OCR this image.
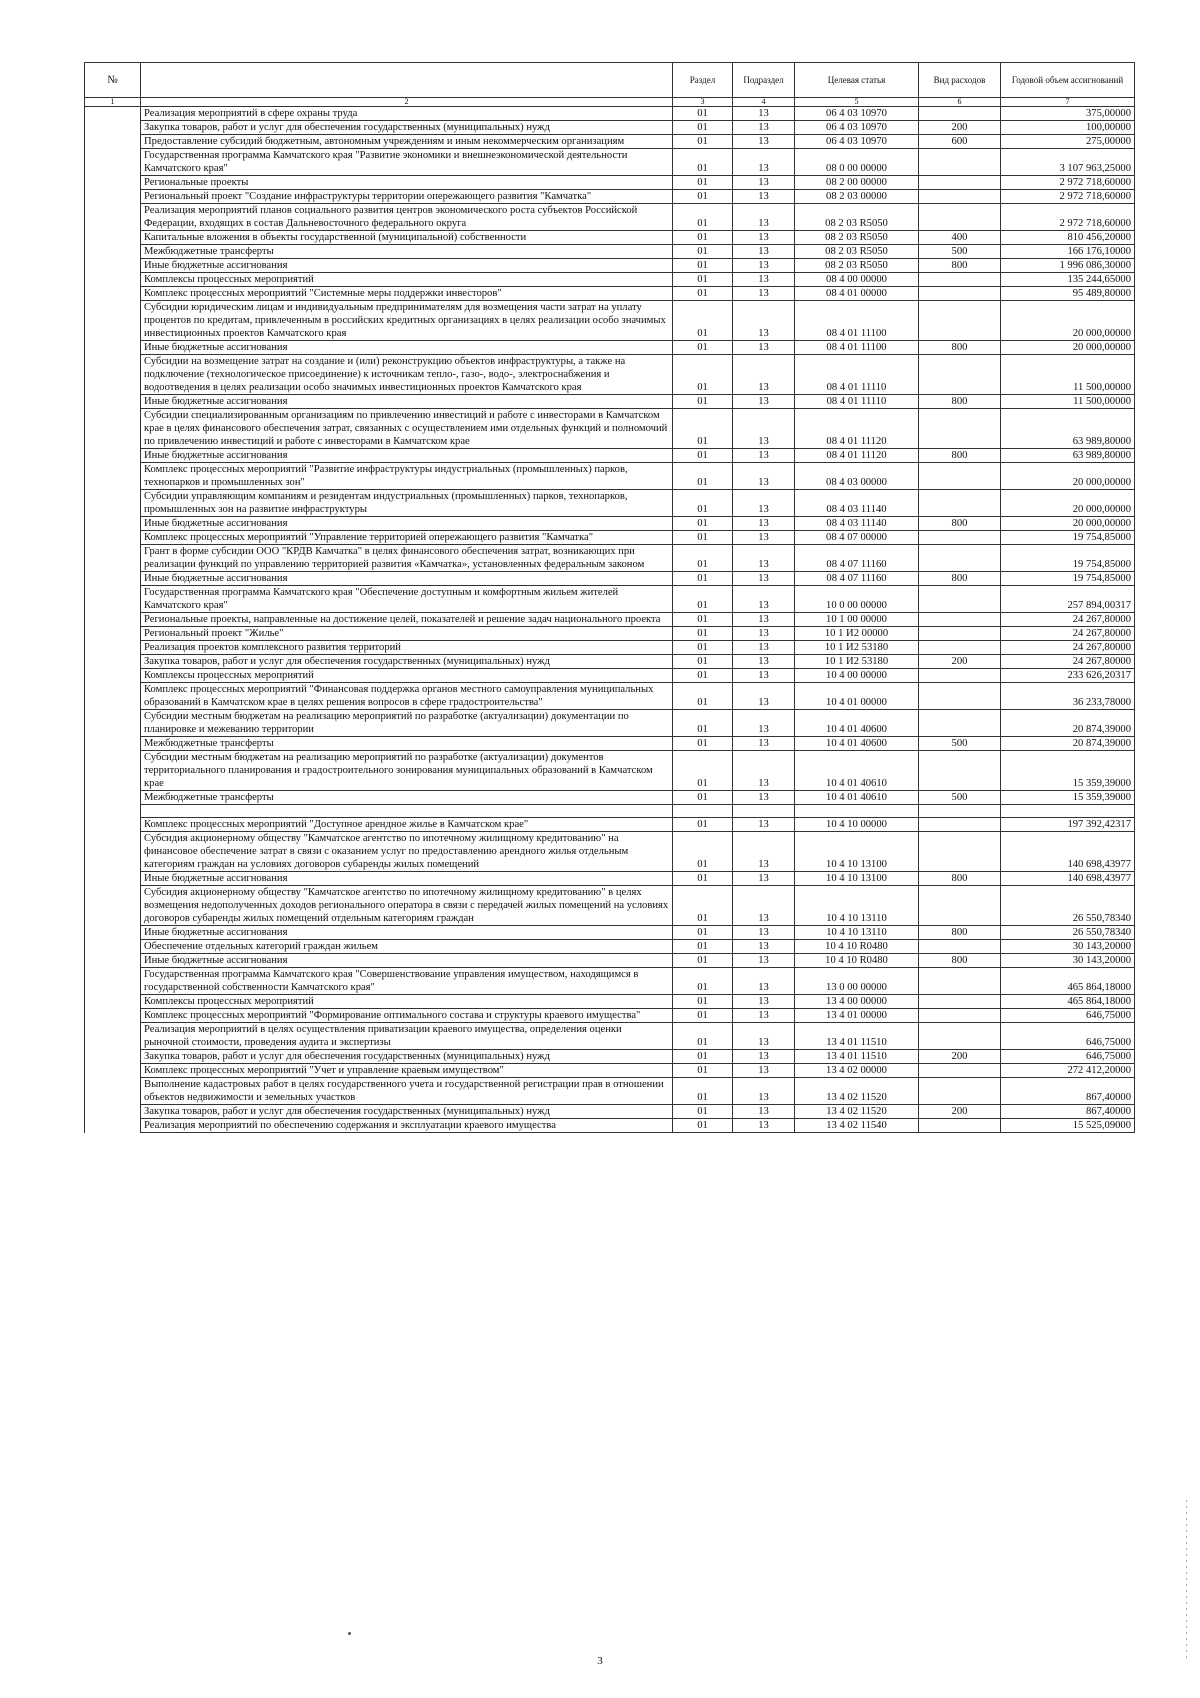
№		Раздел	Подраздел	Целевая статья	Вид расходов	Годовой объем ассигнований
1	2	3	4	5	6	7
	Реализация мероприятий в сфере охраны труда	01	13	06 4 03 10970		375,00000
	Закупка товаров, работ и услуг для обеспечения государственных (муниципальных) нужд	01	13	06 4 03 10970	200	100,00000
	Предоставление субсидий бюджетным, автономным учреждениям и иным некоммерческим организациям	01	13	06 4 03 10970	600	275,00000
	Государственная программа Камчатского края "Развитие экономики и внешнеэкономической деятельности Камчатского края"	01	13	08 0 00 00000		3 107 963,25000
	Региональные проекты	01	13	08 2 00 00000		2 972 718,60000
	Региональный проект "Создание инфраструктуры территории опережающего развития "Камчатка"	01	13	08 2 03 00000		2 972 718,60000
	Реализация мероприятий планов социального развития центров экономического роста субъектов Российской Федерации, входящих в состав Дальневосточного федерального округа	01	13	08 2 03 R5050		2 972 718,60000
	Капитальные вложения в объекты государственной (муниципальной) собственности	01	13	08 2 03 R5050	400	810 456,20000
	Межбюджетные трансферты	01	13	08 2 03 R5050	500	166 176,10000
	Иные бюджетные ассигнования	01	13	08 2 03 R5050	800	1 996 086,30000
	Комплексы процессных мероприятий	01	13	08 4 00 00000		135 244,65000
	Комплекс процессных мероприятий "Системные меры поддержки инвесторов"	01	13	08 4 01 00000		95 489,80000
	Субсидии юридическим лицам и индивидуальным предпринимателям для возмещения части затрат на уплату процентов по кредитам, привлеченным в российских кредитных организациях в целях реализации особо значимых инвестиционных проектов Камчатского края	01	13	08 4 01 11100		20 000,00000
	Иные бюджетные ассигнования	01	13	08 4 01 11100	800	20 000,00000
	Субсидии на возмещение затрат на создание и (или) реконструкцию объектов инфраструктуры, а также на подключение (технологическое присоединение) к источникам тепло-, газо-, водо-, электроснабжения и водоотведения в целях реализации особо значимых инвестиционных проектов Камчатского края	01	13	08 4 01 11110		11 500,00000
	Иные бюджетные ассигнования	01	13	08 4 01 11110	800	11 500,00000
	Субсидии специализированным организациям по привлечению инвестиций и работе с инвесторами в Камчатском крае в целях финансового обеспечения затрат, связанных с осуществлением ими отдельных функций и полномочий по привлечению инвестиций и работе с инвесторами в Камчатском крае	01	13	08 4 01 11120		63 989,80000
	Иные бюджетные ассигнования	01	13	08 4 01 11120	800	63 989,80000
	Комплекс процессных мероприятий "Развитие инфраструктуры индустриальных (промышленных) парков, технопарков и промышленных зон"	01	13	08 4 03 00000		20 000,00000
	Субсидии управляющим компаниям и резидентам индустриальных (промышленных) парков, технопарков, промышленных зон на развитие инфраструктуры	01	13	08 4 03 11140		20 000,00000
	Иные бюджетные ассигнования	01	13	08 4 03 11140	800	20 000,00000
	Комплекс процессных мероприятий "Управление территорией опережающего развития "Камчатка"	01	13	08 4 07 00000		19 754,85000
	Грант в форме субсидии ООО "КРДВ Камчатка" в целях финансового обеспечения затрат, возникающих при реализации функций по управлению территорией развития «Камчатка», установленных федеральным законом	01	13	08 4 07 11160		19 754,85000
	Иные бюджетные ассигнования	01	13	08 4 07 11160	800	19 754,85000
	Государственная программа Камчатского края "Обеспечение доступным и комфортным жильем жителей Камчатского края"	01	13	10 0 00 00000		257 894,00317
	Региональные проекты, направленные на достижение целей, показателей и решение задач национального проекта	01	13	10 1 00 00000		24 267,80000
	Региональный проект "Жилье"	01	13	10 1 И2 00000		24 267,80000
	Реализация проектов комплексного развития территорий	01	13	10 1 И2 53180		24 267,80000
	Закупка товаров, работ и услуг для обеспечения государственных (муниципальных) нужд	01	13	10 1 И2 53180	200	24 267,80000
	Комплексы процессных мероприятий	01	13	10 4 00 00000		233 626,20317
	Комплекс процессных мероприятий "Финансовая поддержка органов местного самоуправления муниципальных образований в Камчатском крае в целях решения вопросов в сфере градостроительства"	01	13	10 4 01 00000		36 233,78000
	Субсидии местным бюджетам на реализацию мероприятий по разработке (актуализации) документации по планировке и межеванию территории	01	13	10 4 01 40600		20 874,39000
	Межбюджетные трансферты	01	13	10 4 01 40600	500	20 874,39000
	Субсидии местным бюджетам на реализацию мероприятий по разработке (актуализации) документов территориального планирования и градостроительного зонирования муниципальных образований в Камчатском крае	01	13	10 4 01 40610		15 359,39000
	Межбюджетные трансферты	01	13	10 4 01 40610	500	15 359,39000

	Комплекс процессных мероприятий "Доступное арендное жилье в Камчатском крае"	01	13	10 4 10 00000		197 392,42317
	Субсидия акционерному обществу "Камчатское агентство по ипотечному жилищному кредитованию" на финансовое обеспечение затрат в связи с оказанием услуг по предоставлению арендного жилья отдельным категориям граждан на условиях договоров субаренды жилых помещений	01	13	10 4 10 13100		140 698,43977
	Иные бюджетные ассигнования	01	13	10 4 10 13100	800	140 698,43977
	Субсидия акционерному обществу "Камчатское агентство по ипотечному жилищному кредитованию" в целях возмещения недополученных доходов регионального оператора в связи с передачей жилых помещений на условиях договоров субаренды жилых помещений отдельным категориям граждан	01	13	10 4 10 13110		26 550,78340
	Иные бюджетные ассигнования	01	13	10 4 10 13110	800	26 550,78340
	Обеспечение отдельных категорий граждан жильем	01	13	10 4 10 R0480		30 143,20000
	Иные бюджетные ассигнования	01	13	10 4 10 R0480	800	30 143,20000
	Государственная программа Камчатского края "Совершенствование управления имуществом, находящимся в государственной собственности Камчатского края"	01	13	13 0 00 00000		465 864,18000
	Комплексы процессных мероприятий	01	13	13 4 00 00000		465 864,18000
	Комплекс процессных мероприятий "Формирование оптимального состава и структуры краевого имущества"	01	13	13 4 01 00000		646,75000
	Реализация мероприятий в целях осуществления приватизации краевого имущества, определения оценки рыночной стоимости, проведения аудита и экспертизы	01	13	13 4 01 11510		646,75000
	Закупка товаров, работ и услуг для обеспечения государственных (муниципальных) нужд	01	13	13 4 01 11510	200	646,75000
	Комплекс процессных мероприятий "Учет и управление краевым имуществом"	01	13	13 4 02 00000		272 412,20000
	Выполнение кадастровых работ в целях государственного учета и государственной регистрации прав в отношении объектов недвижимости и земельных участков	01	13	13 4 02 11520		867,40000
	Закупка товаров, работ и услуг для обеспечения государственных (муниципальных) нужд	01	13	13 4 02 11520	200	867,40000
	Реализация мероприятий по обеспечению содержания и эксплуатации краевого имущества	01	13	13 4 02 11540		15 525,09000
3
